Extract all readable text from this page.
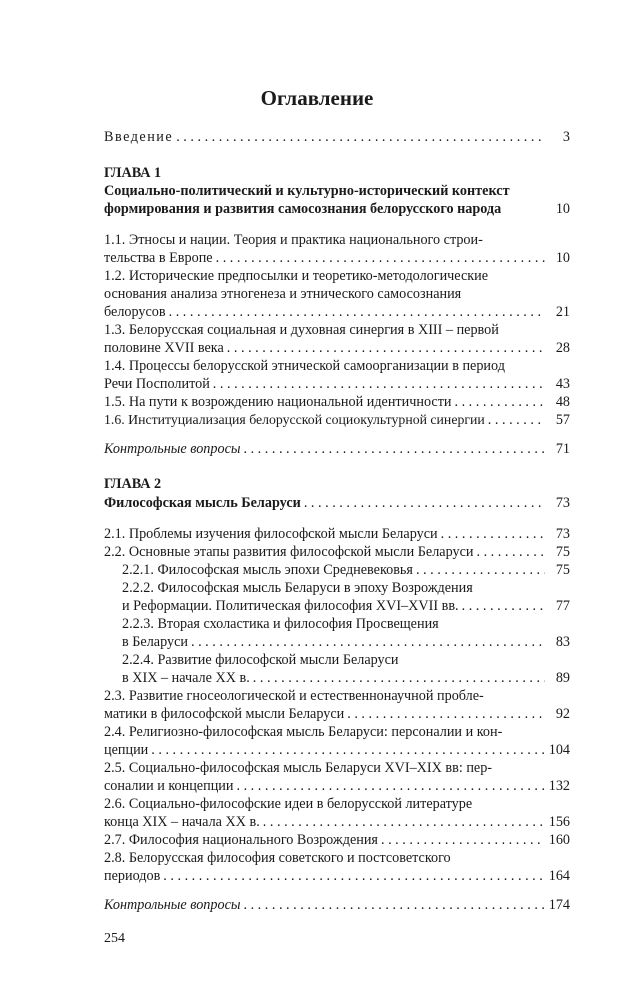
Оглавление
Введение . . .	3
ГЛАВА 1
Социально-политический и культурно-исторический контекст
формирования и развития самосознания белорусского народа	10
1.1. Этносы и нации. Теория и практика национального строи-
тельства в Европе . . .	10
1.2. Исторические предпосылки и теоретико-методологические
основания анализа этногенеза и этнического самосознания
белорусов . . .	21
1.3. Белорусская социальная и духовная синергия в XIII – первой
половине XVII века . . .	28
1.4. Процессы белорусской этнической самоорганизации в период
Речи Посполитой . . .	43
1.5. На пути к возрождению национальной идентичности . . .	48
1.6. Институциализация белорусской социокультурной синергии . . .	57
Контрольные вопросы . . .	71
ГЛАВА 2
Философская мысль Беларуси . . .	73
2.1. Проблемы изучения философской мысли Беларуси . . .	73
2.2. Основные этапы развития философской мысли Беларуси . . .	75
2.2.1. Философская мысль эпохи Средневековья . . .	75
2.2.2. Философская мысль Беларуси в эпоху Возрождения
и Реформации. Политическая философия XVI–XVII вв. . . .	77
2.2.3. Вторая схоластика и философия Просвещения
в Беларуси . . .	83
2.2.4. Развитие философской мысли Беларуси
в XIX – начале XX в. . . .	89
2.3. Развитие гносеологической и естественнонаучной пробле-
матики в философской мысли Беларуси . . .	92
2.4. Религиозно-философская мысль Беларуси: персоналии и кон-
цепции . . .	104
2.5. Социально-философская мысль Беларуси XVI–XIX вв: пер-
соналии и концепции . . .	132
2.6. Социально-философские идеи в белорусской литературе
конца XIX – начала XX в. . . .	156
2.7. Философия национального Возрождения . . .	160
2.8. Белорусская философия советского и постсоветского
периодов . . .	164
Контрольные вопросы . . .	174
254
